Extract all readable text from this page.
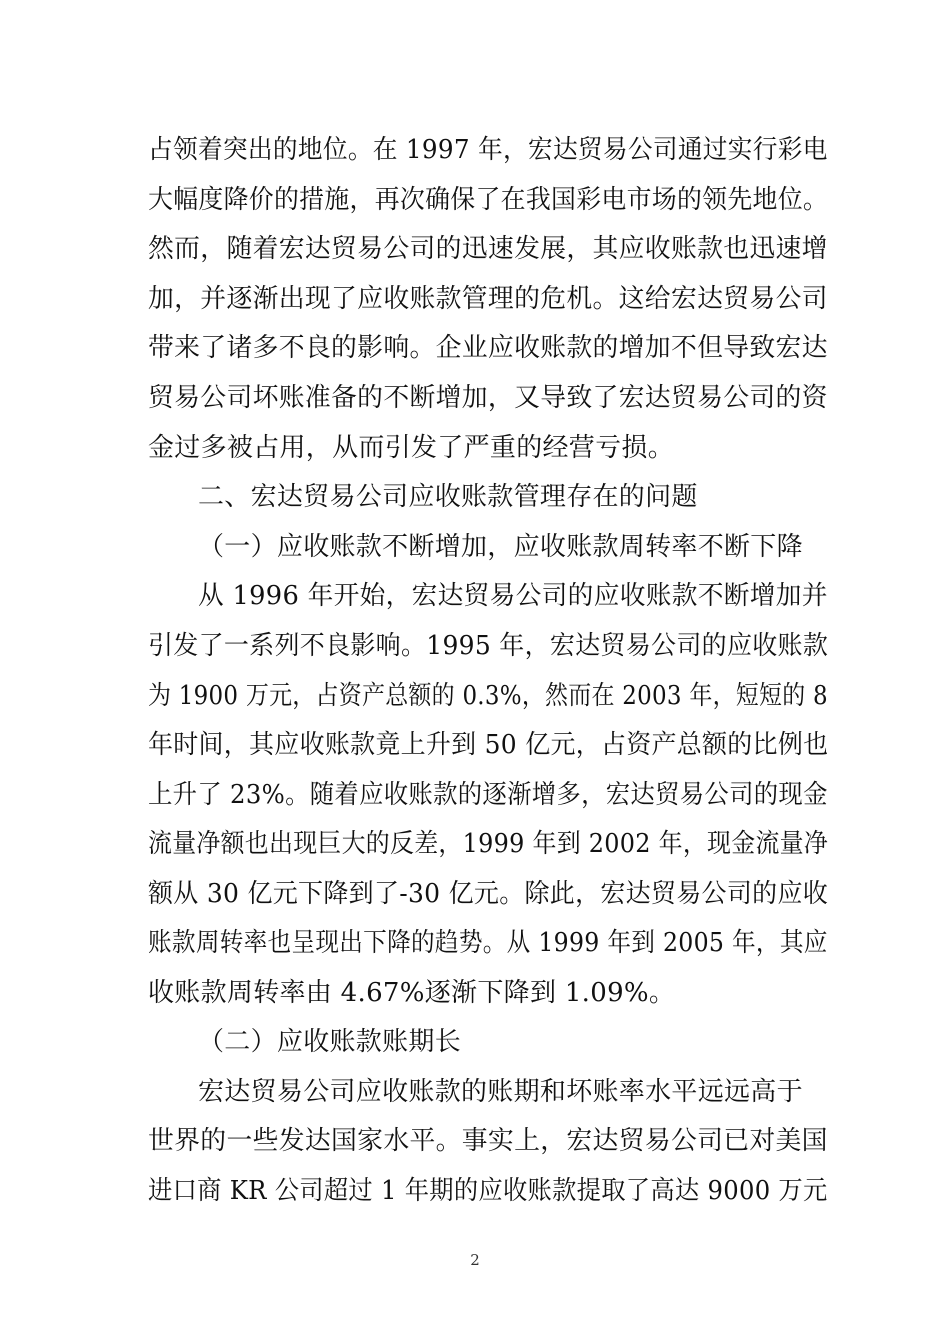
占领着突出的地位。在 1997 年，宏达贸易公司通过实行彩电
大幅度降价的措施，再次确保了在我国彩电市场的领先地位。
然而，随着宏达贸易公司的迅速发展，其应收账款也迅速增
加，并逐渐出现了应收账款管理的危机。这给宏达贸易公司
带来了诸多不良的影响。企业应收账款的增加不但导致宏达
贸易公司坏账准备的不断增加，又导致了宏达贸易公司的资
金过多被占用，从而引发了严重的经营亏损。
二、宏达贸易公司应收账款管理存在的问题
（一）应收账款不断增加，应收账款周转率不断下降
从 1996 年开始，宏达贸易公司的应收账款不断增加并
引发了一系列不良影响。1995 年，宏达贸易公司的应收账款
为 1900 万元，占资产总额的 0.3%，然而在 2003 年，短短的 8
年时间，其应收账款竟上升到 50 亿元，占资产总额的比例也
上升了 23%。随着应收账款的逐渐增多，宏达贸易公司的现金
流量净额也出现巨大的反差，1999 年到 2002 年，现金流量净
额从 30 亿元下降到了-30 亿元。除此，宏达贸易公司的应收
账款周转率也呈现出下降的趋势。从 1999 年到 2005 年，其应
收账款周转率由 4.67%逐渐下降到 1.09%。
（二）应收账款账期长
宏达贸易公司应收账款的账期和坏账率水平远远高于
世界的一些发达国家水平。事实上，宏达贸易公司已对美国
进口商 KR 公司超过 1 年期的应收账款提取了高达 9000 万元
2
